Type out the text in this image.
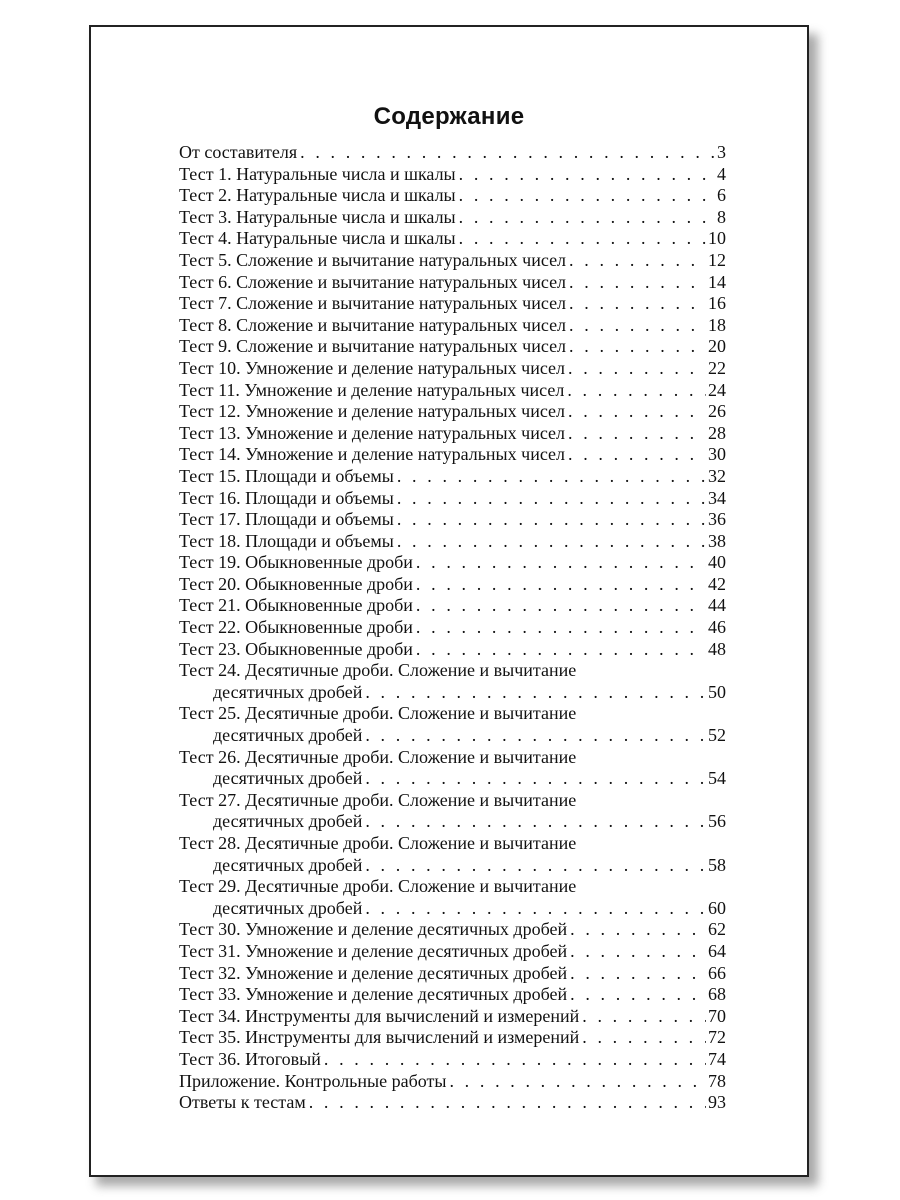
Содержание
От составителя . . .	3
Тест 1. Натуральные числа и шкалы . . .	4
Тест 2. Натуральные числа и шкалы . . .	6
Тест 3. Натуральные числа и шкалы . . .	8
Тест 4. Натуральные числа и шкалы . . .	10
Тест 5. Сложение и вычитание натуральных чисел . . .	12
Тест 6. Сложение и вычитание натуральных чисел . . .	14
Тест 7. Сложение и вычитание натуральных чисел . . .	16
Тест 8. Сложение и вычитание натуральных чисел . . .	18
Тест 9. Сложение и вычитание натуральных чисел . . .	20
Тест 10. Умножение и деление натуральных чисел . . .	22
Тест 11. Умножение и деление натуральных чисел . . .	24
Тест 12. Умножение и деление натуральных чисел . . .	26
Тест 13. Умножение и деление натуральных чисел . . .	28
Тест 14. Умножение и деление натуральных чисел . . .	30
Тест 15. Площади и объемы . . .	32
Тест 16. Площади и объемы . . .	34
Тест 17. Площади и объемы . . .	36
Тест 18. Площади и объемы . . .	38
Тест 19. Обыкновенные дроби . . .	40
Тест 20. Обыкновенные дроби . . .	42
Тест 21. Обыкновенные дроби . . .	44
Тест 22. Обыкновенные дроби . . .	46
Тест 23. Обыкновенные дроби . . .	48
Тест 24. Десятичные дроби. Сложение и вычитание
десятичных дробей . . .	50
Тест 25. Десятичные дроби. Сложение и вычитание
десятичных дробей . . .	52
Тест 26. Десятичные дроби. Сложение и вычитание
десятичных дробей . . .	54
Тест 27. Десятичные дроби. Сложение и вычитание
десятичных дробей . . .	56
Тест 28. Десятичные дроби. Сложение и вычитание
десятичных дробей . . .	58
Тест 29. Десятичные дроби. Сложение и вычитание
десятичных дробей . . .	60
Тест 30. Умножение и деление десятичных дробей . . .	62
Тест 31. Умножение и деление десятичных дробей . . .	64
Тест 32. Умножение и деление десятичных дробей . . .	66
Тест 33. Умножение и деление десятичных дробей . . .	68
Тест 34. Инструменты для вычислений и измерений . . .	70
Тест 35. Инструменты для вычислений и измерений . . .	72
Тест 36. Итоговый . . .	74
Приложение. Контрольные работы . . .	78
Ответы к тестам . . .	93
